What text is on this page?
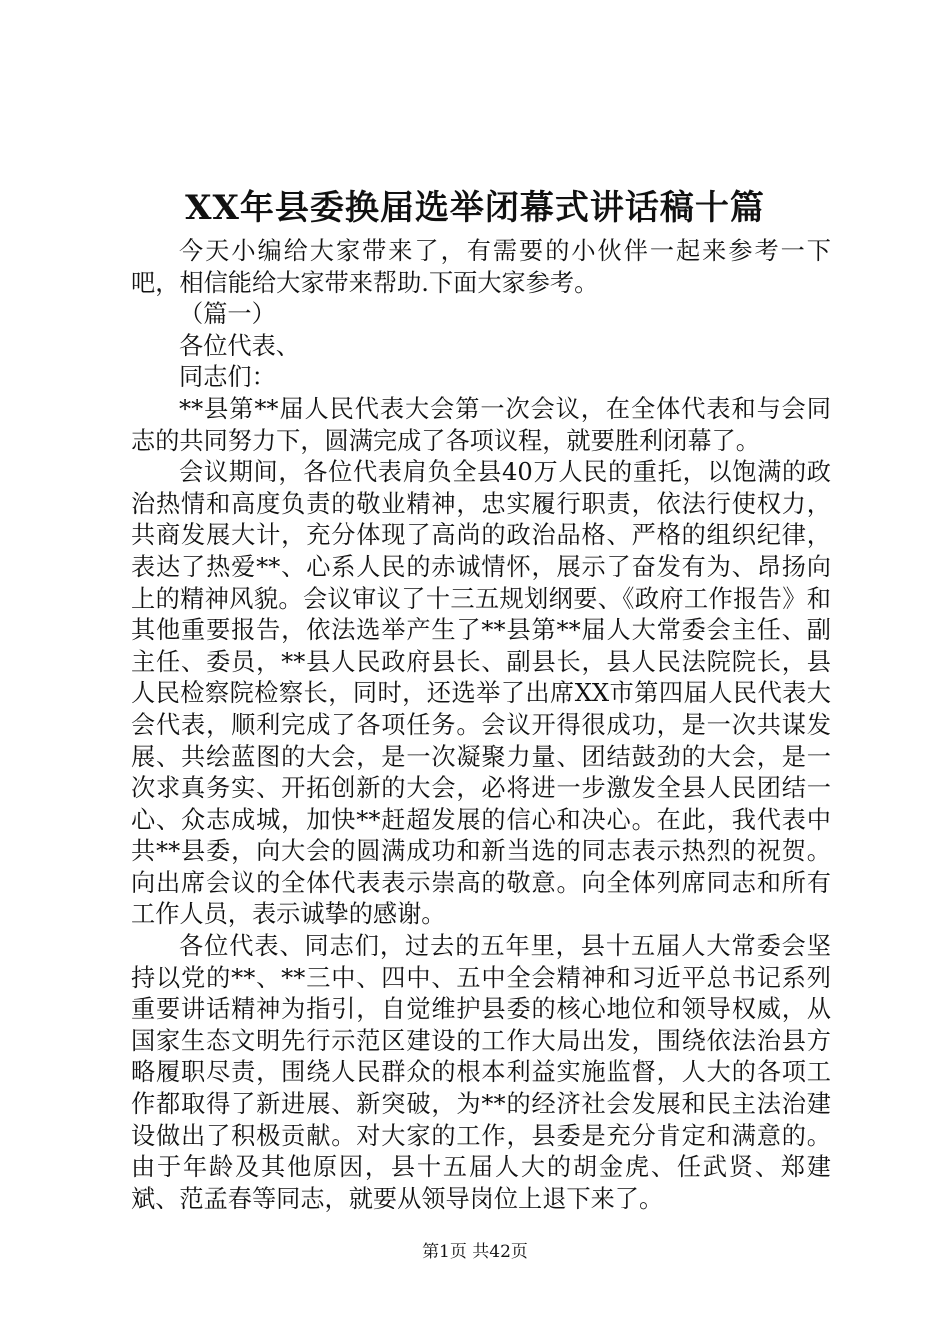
XX年县委换届选举闭幕式讲话稿十篇

今天小编给大家带来了，有需要的小伙伴一起来参考一下吧，相信能给大家带来帮助.下面大家参考。

（篇一）

各位代表、

同志们：

**县第**届人民代表大会第一次会议，在全体代表和与会同志的共同努力下，圆满完成了各项议程，就要胜利闭幕了。

会议期间，各位代表肩负全县40万人民的重托，以饱满的政治热情和高度负责的敬业精神，忠实履行职责，依法行使权力，共商发展大计，充分体现了高尚的政治品格、严格的组织纪律，表达了热爱**、心系人民的赤诚情怀，展示了奋发有为、昂扬向上的精神风貌。会议审议了十三五规划纲要、《政府工作报告》和其他重要报告，依法选举产生了**县第**届人大常委会主任、副主任、委员，**县人民政府县长、副县长，县人民法院院长，县人民检察院检察长，同时，还选举了出席XX市第四届人民代表大会代表，顺利完成了各项任务。会议开得很成功，是一次共谋发展、共绘蓝图的大会，是一次凝聚力量、团结鼓劲的大会，是一次求真务实、开拓创新的大会，必将进一步激发全县人民团结一心、众志成城，加快**赶超发展的信心和决心。在此，我代表中共**县委，向大会的圆满成功和新当选的同志表示热烈的祝贺。向出席会议的全体代表表示崇高的敬意。向全体列席同志和所有工作人员，表示诚挚的感谢。

各位代表、同志们，过去的五年里，县十五届人大常委会坚持以党的**、**三中、四中、五中全会精神和习近平总书记系列重要讲话精神为指引，自觉维护县委的核心地位和领导权威，从国家生态文明先行示范区建设的工作大局出发，围绕依法治县方略履职尽责，围绕人民群众的根本利益实施监督，人大的各项工作都取得了新进展、新突破，为**的经济社会发展和民主法治建设做出了积极贡献。对大家的工作，县委是充分肯定和满意的。由于年龄及其他原因，县十五届人大的胡金虎、任武贤、郑建斌、范孟春等同志，就要从领导岗位上退下来了。

第1页 共42页
